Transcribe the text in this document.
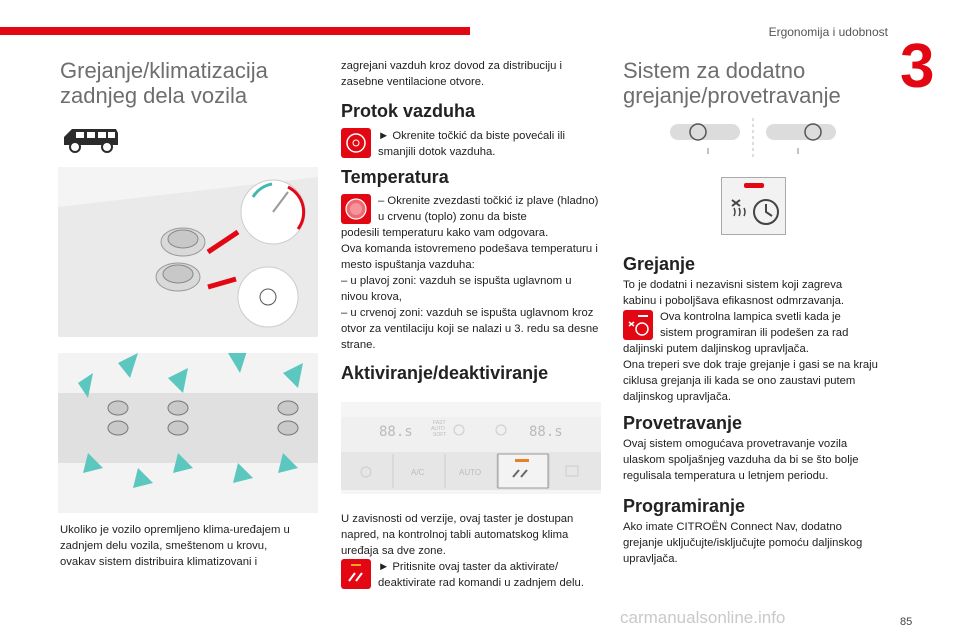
Ergonomija i udobnost 3
Grejanje/klimatizacija zadnjeg dela vozila

Ukoliko je vozilo opremljeno klima-uređajem u zadnjem delu vozila, smeštenom u krovu, ovakav sistem distribuira klimatizovani i

zagrejani vazduh kroz dovod za distribuciju i zasebne ventilacione otvore.

Protok vazduha

► Okrenite točkić da biste povećali ili smanjili dotok vazduha.

Temperatura

– Okrenite zvezdasti točkić iz plave (hladno) u crvenu (toplo) zonu da biste

podesili temperaturu kako vam odgovara.
Ova komanda istovremeno podešava temperaturu i mesto ispuštanja vazduha:
– u plavoj zoni: vazduh se ispušta uglavnom u nivou krova,
– u crvenoj zoni: vazduh se ispušta uglavnom kroz otvor za ventilaciju koji se nalazi u 3. redu sa desne strane.

Aktiviranje/deaktiviranje
88.s
FAST
AUTO
SOFT	88.s
A/C	AUTO

U zavisnosti od verzije, ovaj taster je dostupan napred, na kontrolnoj tabli automatskog klima uređaja sa dve zone.

► Pritisnite ovaj taster da aktivirate/ deaktivirate rad komandi u zadnjem delu.

Sistem za dodatno grejanje/provetravanje
Grejanje

To je dodatni i nezavisni sistem koji zagreva kabinu i poboljšava efikasnost odmrzavanja.

Ova kontrolna lampica svetli kada je sistem programiran ili podešen za rad

daljinski putem daljinskog upravljača.
Ona treperi sve dok traje grejanje i gasi se na kraju ciklusa grejanja ili kada se ono zaustavi putem daljinskog upravljača.

Provetravanje

Ovaj sistem omogućava provetravanje vozila ulaskom spoljašnjeg vazduha da bi se što bolje regulisala temperatura u letnjem periodu.

Programiranje

Ako imate CITROËN Connect Nav, dodatno grejanje uključujte/isključujte pomoću daljinskog upravljača.

carmanualsonline.info	85
